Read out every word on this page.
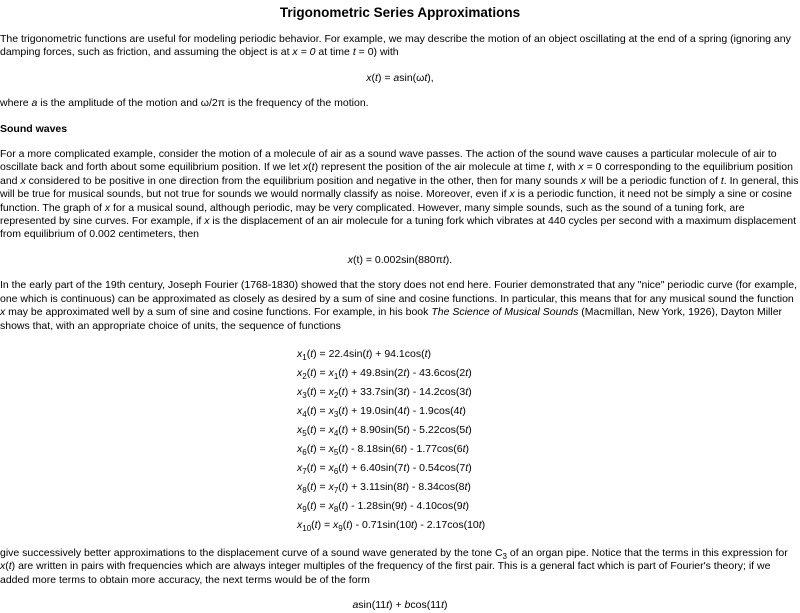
Trigonometric Series Approximations

The trigonometric functions are useful for modeling periodic behavior. For example, we may describe the motion of an object oscillating at the end of a spring (ignoring any damping forces, such as friction, and assuming the object is at x = 0 at time t = 0) with

x(t) = asin(ωt),

where a is the amplitude of the motion and ω/2π is the frequency of the motion.

Sound waves

For a more complicated example, consider the motion of a molecule of air as a sound wave passes. The action of the sound wave causes a particular molecule of air to oscillate back and forth about some equilibrium position. If we let x(t) represent the position of the air molecule at time t, with x = 0 corresponding to the equilibrium position and x considered to be positive in one direction from the equilibrium position and negative in the other, then for many sounds x will be a periodic function of t. In general, this will be true for musical sounds, but not true for sounds we would normally classify as noise. Moreover, even if x is a periodic function, it need not be simply a sine or cosine function. The graph of x for a musical sound, although periodic, may be very complicated. However, many simple sounds, such as the sound of a tuning fork, are represented by sine curves. For example, if x is the displacement of an air molecule for a tuning fork which vibrates at 440 cycles per second with a maximum displacement from equilibrium of 0.002 centimeters, then

x(t) = 0.002sin(880πt).

In the early part of the 19th century, Joseph Fourier (1768-1830) showed that the story does not end here. Fourier demonstrated that any "nice" periodic curve (for example, one which is continuous) can be approximated as closely as desired by a sum of sine and cosine functions. In particular, this means that for any musical sound the function x may be approximated well by a sum of sine and cosine functions. For example, in his book The Science of Musical Sounds (Macmillan, New York, 1926), Dayton Miller shows that, with an appropriate choice of units, the sequence of functions

$x_1(t) = 22.4\sin(t) + 94.1\cos(t)$
$x_2(t) = x_1(t) + 49.8\sin(2t) - 43.6\cos(2t)$
$x_3(t) = x_2(t) + 33.7\sin(3t) - 14.2\cos(3t)$
$x_4(t) = x_3(t) + 19.0\sin(4t) - 1.9\cos(4t)$
$x_5(t) = x_4(t) + 8.90\sin(5t) - 5.22\cos(5t)$
$x_6(t) = x_5(t) - 8.18\sin(6t) - 1.77\cos(6t)$
$x_7(t) = x_6(t) + 6.40\sin(7t) - 0.54\cos(7t)$
$x_8(t) = x_7(t) + 3.11\sin(8t) - 8.34\cos(8t)$
$x_9(t) = x_8(t) - 1.28\sin(9t) - 4.10\cos(9t)$
$x_{10}(t) = x_9(t) - 0.71\sin(10t) - 2.17\cos(10t)$

give successively better approximations to the displacement curve of a sound wave generated by the tone $C_3$ of an organ pipe. Notice that the terms in this expression for x(t) are written in pairs with frequencies which are always integer multiples of the frequency of the first pair. This is a general fact which is part of Fourier's theory; if we added more terms to obtain more accuracy, the next terms would be of the form

asin(11t) + bcos(11t)
